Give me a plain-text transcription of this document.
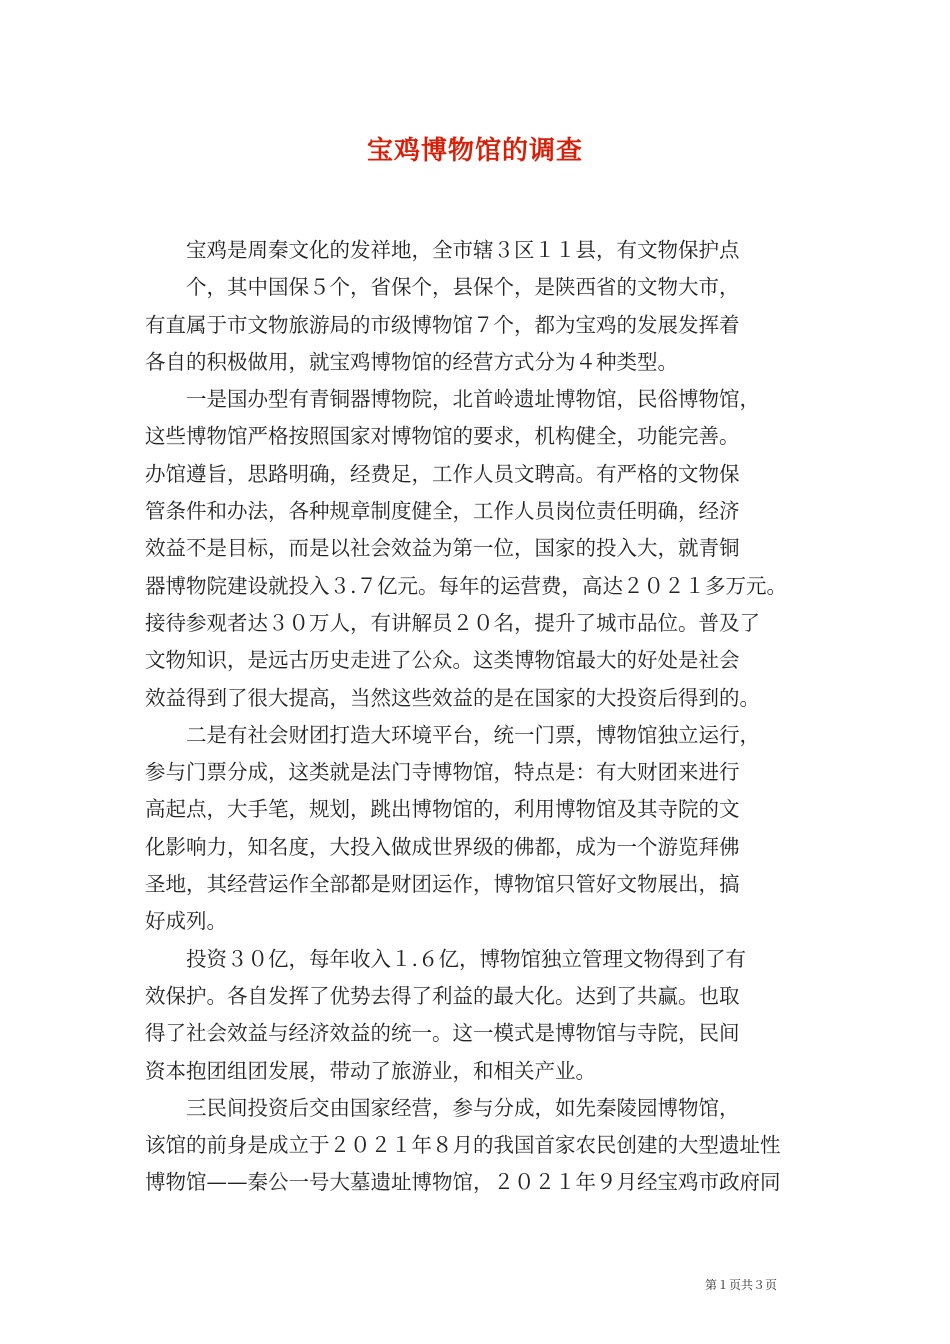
宝鸡博物馆的调查
　　宝鸡是周秦文化的发祥地，全市辖３区１１县，有文物保护点
　　个，其中国保５个，省保个，县保个，是陕西省的文物大市，
有直属于市文物旅游局的市级博物馆７个，都为宝鸡的发展发挥着
各自的积极做用，就宝鸡博物馆的经营方式分为４种类型。
　　一是国办型有青铜器博物院，北首岭遗址博物馆，民俗博物馆，
这些博物馆严格按照国家对博物馆的要求，机构健全，功能完善。
办馆遵旨，思路明确，经费足，工作人员文聘高。有严格的文物保
管条件和办法，各种规章制度健全，工作人员岗位责任明确，经济
效益不是目标，而是以社会效益为第一位，国家的投入大，就青铜
器博物院建设就投入３.７亿元。每年的运营费，高达２０２１多万元。
接待参观者达３０万人，有讲解员２０名，提升了城市品位。普及了
文物知识，是远古历史走进了公众。这类博物馆最大的好处是社会
效益得到了很大提高，当然这些效益的是在国家的大投资后得到的。
　　二是有社会财团打造大环境平台，统一门票，博物馆独立运行，
参与门票分成，这类就是法门寺博物馆，特点是：有大财团来进行
高起点，大手笔，规划，跳出博物馆的，利用博物馆及其寺院的文
化影响力，知名度，大投入做成世界级的佛都，成为一个游览拜佛
圣地，其经营运作全部都是财团运作，博物馆只管好文物展出，搞
好成列。
　　投资３０亿，每年收入１.６亿，博物馆独立管理文物得到了有
效保护。各自发挥了优势去得了利益的最大化。达到了共赢。也取
得了社会效益与经济效益的统一。这一模式是博物馆与寺院，民间
资本抱团组团发展，带动了旅游业，和相关产业。
　　三民间投资后交由国家经营，参与分成，如先秦陵园博物馆，
该馆的前身是成立于２０２１年８月的我国首家农民创建的大型遗址性
博物馆——秦公一号大墓遗址博物馆，２０２１年９月经宝鸡市政府同
第１页共３页
